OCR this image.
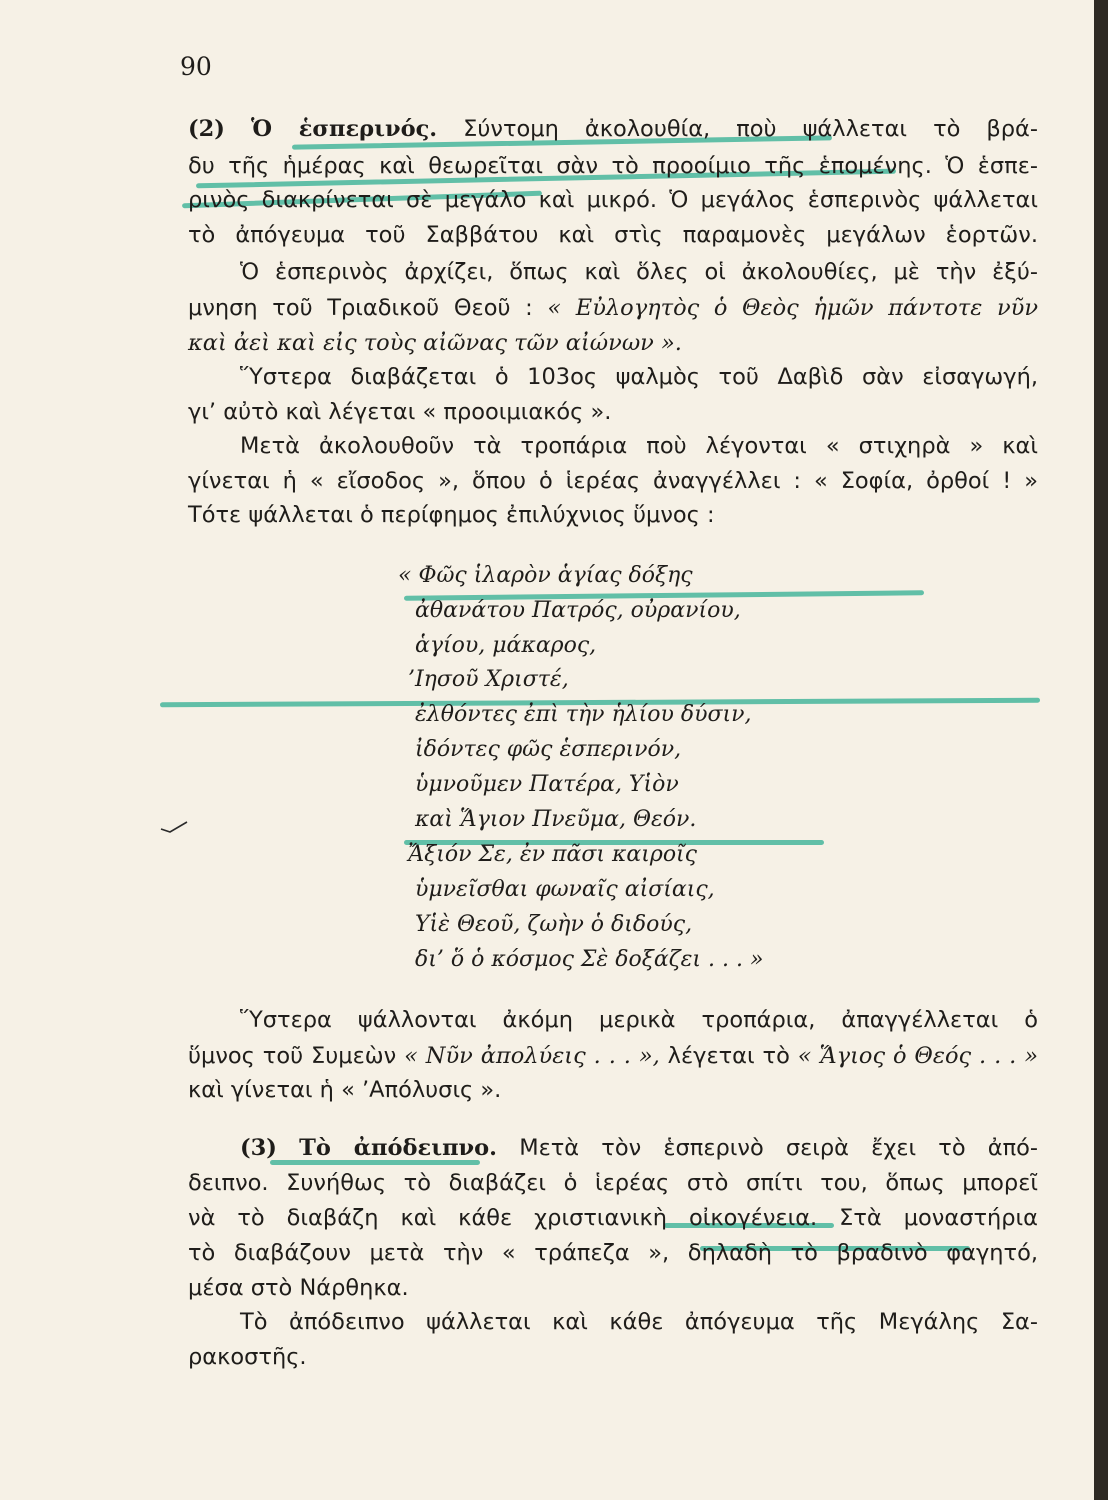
90
(2) Ὁ ἑσπερινός. Σύντομη ἀκολουθία, ποὺ ψάλλεται τὸ βρά-
δυ τῆς ἡμέρας καὶ θεωρεῖται σὰν τὸ προοίμιο τῆς ἑπομένης. Ὁ ἑσπε-
ρινὸς διακρίνεται σὲ μεγάλο καὶ μικρό. Ὁ μεγάλος ἑσπερινὸς ψάλλεται
τὸ ἀπόγευμα τοῦ Σαββάτου καὶ στὶς παραμονὲς μεγάλων ἑορτῶν.
Ὁ ἑσπερινὸς ἀρχίζει, ὅπως καὶ ὅλες οἱ ἀκολουθίες, μὲ τὴν ἐξύ-
μνηση τοῦ Τριαδικοῦ Θεοῦ : « Εὐλογητὸς ὁ Θεὸς ἡμῶν πάντοτε νῦν
καὶ ἀεὶ καὶ εἰς τοὺς αἰῶνας τῶν αἰώνων ».
Ὕστερα διαβάζεται ὁ 103ος ψαλμὸς τοῦ Δαβὶδ σὰν εἰσαγωγή,
γι’ αὐτὸ καὶ λέγεται « προοιμιακός ».
Μετὰ ἀκολουθοῦν τὰ τροπάρια ποὺ λέγονται « στιχηρὰ » καὶ
γίνεται ἡ « εἴσοδος », ὅπου ὁ ἱερέας ἀναγγέλλει : « Σοφία, ὀρθοί ! »
Τότε ψάλλεται ὁ περίφημος ἐπιλύχνιος ὕμνος :
« Φῶς ἱλαρὸν ἁγίας δόξης
ἀθανάτου Πατρός, οὐρανίου,
ἁγίου, μάκαρος,
’Ιησοῦ Χριστέ,
ἐλθόντες ἐπὶ τὴν ἡλίου δύσιν,
ἰδόντες φῶς ἑσπερινόν,
ὑμνοῦμεν Πατέρα, Υἱὸν
καὶ Ἅγιον Πνεῦμα, Θεόν.
Ἄξιόν Σε, ἐν πᾶσι καιροῖς
ὑμνεῖσθαι φωναῖς αἰσίαις,
Υἱὲ Θεοῦ, ζωὴν ὁ διδούς,
δι’ ὅ ὁ κόσμος Σὲ δοξάζει . . . »
Ὕστερα ψάλλονται ἀκόμη μερικὰ τροπάρια, ἀπαγγέλλεται ὁ
ὕμνος τοῦ Συμεὼν « Νῦν ἀπολύεις . . . », λέγεται τὸ « Ἅγιος ὁ Θεός . . . »
καὶ γίνεται ἡ « ’Απόλυσις ».
(3) Τὸ ἀπόδειπνο. Μετὰ τὸν ἑσπερινὸ σειρὰ ἔχει τὸ ἀπό-
δειπνο. Συνήθως τὸ διαβάζει ὁ ἱερέας στὸ σπίτι του, ὅπως μπορεῖ
νὰ τὸ διαβάζη καὶ κάθε χριστιανικὴ οἰκογένεια. Στὰ μοναστήρια
τὸ διαβάζουν μετὰ τὴν « τράπεζα », δηλαδὴ τὸ βραδινὸ φαγητό,
μέσα στὸ Νάρθηκα.
Τὸ ἀπόδειπνο ψάλλεται καὶ κάθε ἀπόγευμα τῆς Μεγάλης Σα-
ρακοστῆς.
